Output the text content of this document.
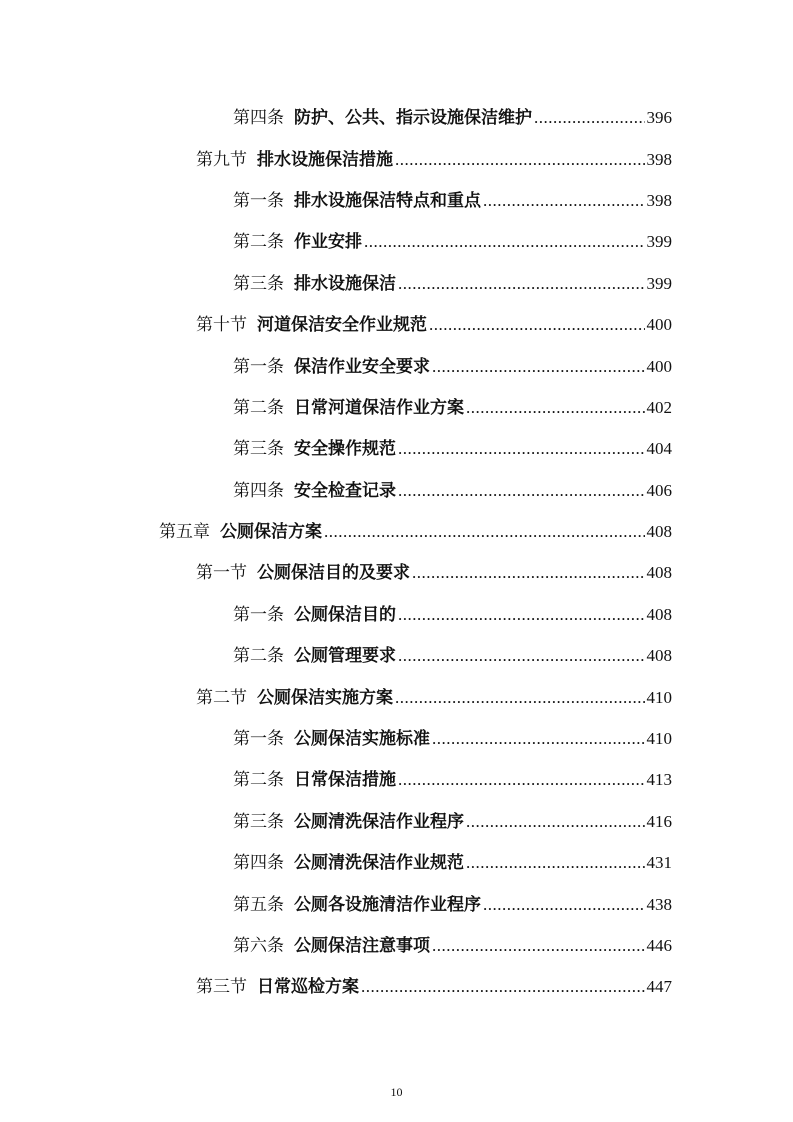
第四条 防护、公共、指示设施保洁维护 .....	396
第九节 排水设施保洁措施 .....	398
第一条 排水设施保洁特点和重点 .....	398
第二条 作业安排 .....	399
第三条 排水设施保洁 .....	399
第十节 河道保洁安全作业规范 .....	400
第一条 保洁作业安全要求 .....	400
第二条 日常河道保洁作业方案 .....	402
第三条 安全操作规范 .....	404
第四条 安全检查记录 .....	406
第五章 公厕保洁方案 .....	408
第一节 公厕保洁目的及要求 .....	408
第一条 公厕保洁目的 .....	408
第二条 公厕管理要求 .....	408
第二节 公厕保洁实施方案 .....	410
第一条 公厕保洁实施标准 .....	410
第二条 日常保洁措施 .....	413
第三条 公厕清洗保洁作业程序 .....	416
第四条 公厕清洗保洁作业规范 .....	431
第五条 公厕各设施清洁作业程序 .....	438
第六条 公厕保洁注意事项 .....	446
第三节 日常巡检方案 .....	447
10
